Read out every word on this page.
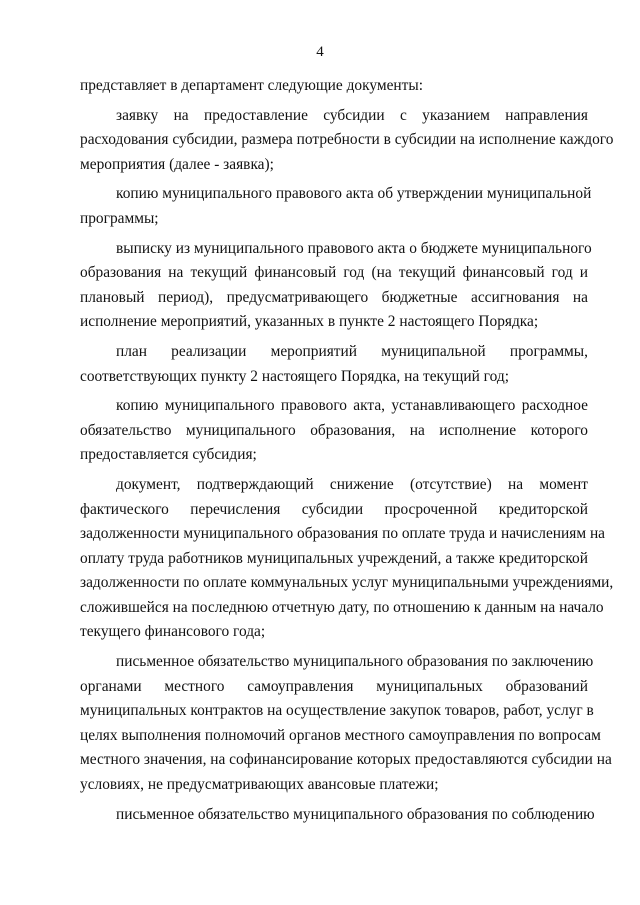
4

представляет в департамент следующие документы:

заявку на предоставление субсидии с указанием направления
расходования субсидии, размера потребности в субсидии на исполнение каждого
мероприятия (далее - заявка);

копию муниципального правового акта об утверждении муниципальной
программы;

выписку из муниципального правового акта о бюджете муниципального
образования на текущий финансовый год (на текущий финансовый год и
плановый период), предусматривающего бюджетные ассигнования на
исполнение мероприятий, указанных в пункте 2 настоящего Порядка;

план реализации мероприятий муниципальной программы,
соответствующих пункту 2 настоящего Порядка, на текущий год;

копию муниципального правового акта, устанавливающего расходное
обязательство муниципального образования, на исполнение которого
предоставляется субсидия;

документ, подтверждающий снижение (отсутствие) на момент
фактического перечисления субсидии просроченной кредиторской
задолженности муниципального образования по оплате труда и начислениям на
оплату труда работников муниципальных учреждений, а также кредиторской
задолженности по оплате коммунальных услуг муниципальными учреждениями,
сложившейся на последнюю отчетную дату, по отношению к данным на начало
текущего финансового года;

письменное обязательство муниципального образования по заключению
органами местного самоуправления муниципальных образований
муниципальных контрактов на осуществление закупок товаров, работ, услуг в
целях выполнения полномочий органов местного самоуправления по вопросам
местного значения, на софинансирование которых предоставляются субсидии на
условиях, не предусматривающих авансовые платежи;

письменное обязательство муниципального образования по соблюдению
